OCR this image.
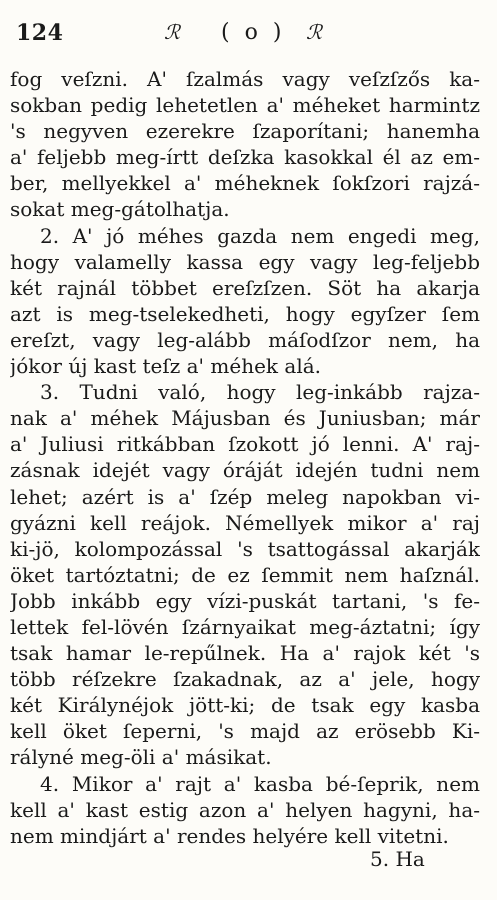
124	ℛ ( o ) ℛ
fog veſzni. A' ſzalmás vagy veſzſzős ka-
sokban pedig lehetetlen a' méheket harmintz
's negyven ezerekre ſzaporítani; hanemha
a' feljebb meg-írtt deſzka kasokkal él az em-
ber, mellyekkel a' méheknek ſokſzori rajzá-
sokat meg-gátolhatja.
2. A' jó méhes gazda nem engedi meg,
hogy valamelly kassa egy vagy leg-feljebb
két rajnál többet ereſzſzen. Söt ha akarja
azt is meg-tselekedheti, hogy egyſzer ſem
ereſzt, vagy leg-alább máſodſzor nem, ha
jókor új kast teſz a' méhek alá.
3. Tudni való, hogy leg-inkább rajza-
nak a' méhek Májusban és Juniusban; már
a' Juliusi ritkábban ſzokott jó lenni. A' raj-
zásnak idejét vagy óráját idején tudni nem
lehet; azért is a' ſzép meleg napokban vi-
gyázni kell reájok. Némellyek mikor a' raj
ki-jö, kolompozással 's tsattogással akarják
öket tartóztatni; de ez ſemmit nem haſznál.
Jobb inkább egy vízi-puskát tartani, 's fe-
lettek fel-lövén ſzárnyaikat meg-áztatni; így
tsak hamar le-repűlnek. Ha a' rajok két 's
több réſzekre ſzakadnak, az a' jele, hogy
két Királynéjok jött-ki; de tsak egy kasba
kell öket ſeperni, 's majd az erösebb Ki-
rályné meg-öli a' másikat.
4. Mikor a' rajt a' kasba bé-ſeprik, nem
kell a' kast estig azon a' helyen hagyni, ha-
nem mindjárt a' rendes helyére kell vitetni.
5. Ha
